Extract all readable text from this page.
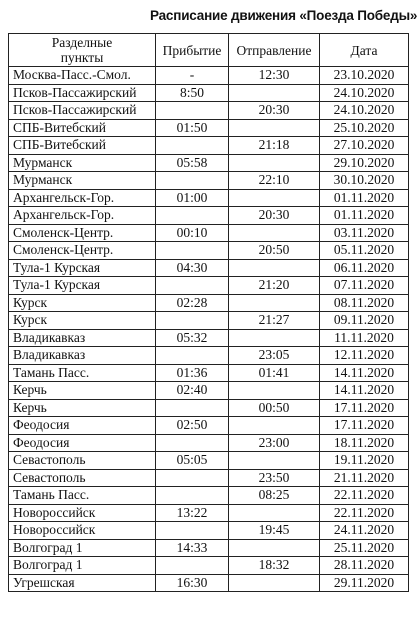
Расписание движения «Поезда Победы»
Разделные пункты	Прибытие	Отправление	Дата
Москва-Пасс.-Смол.	-	12:30	23.10.2020
Псков-Пассажирский	8:50		24.10.2020
Псков-Пассажирский		20:30	24.10.2020
СПБ-Витебский	01:50		25.10.2020
СПБ-Витебский		21:18	27.10.2020
Мурманск	05:58		29.10.2020
Мурманск		22:10	30.10.2020
Архангельск-Гор.	01:00		01.11.2020
Архангельск-Гор.		20:30	01.11.2020
Смоленск-Центр.	00:10		03.11.2020
Смоленск-Центр.		20:50	05.11.2020
Тула-1 Курская	04:30		06.11.2020
Тула-1 Курская		21:20	07.11.2020
Курск	02:28		08.11.2020
Курск		21:27	09.11.2020
Владикавказ	05:32		11.11.2020
Владикавказ		23:05	12.11.2020
Тамань Пасс.	01:36	01:41	14.11.2020
Керчь	02:40		14.11.2020
Керчь		00:50	17.11.2020
Феодосия	02:50		17.11.2020
Феодосия		23:00	18.11.2020
Севастополь	05:05		19.11.2020
Севастополь		23:50	21.11.2020
Тамань Пасс.		08:25	22.11.2020
Новороссийск	13:22		22.11.2020
Новороссийск		19:45	24.11.2020
Волгоград 1	14:33		25.11.2020
Волгоград 1		18:32	28.11.2020
Угрешская	16:30		29.11.2020
